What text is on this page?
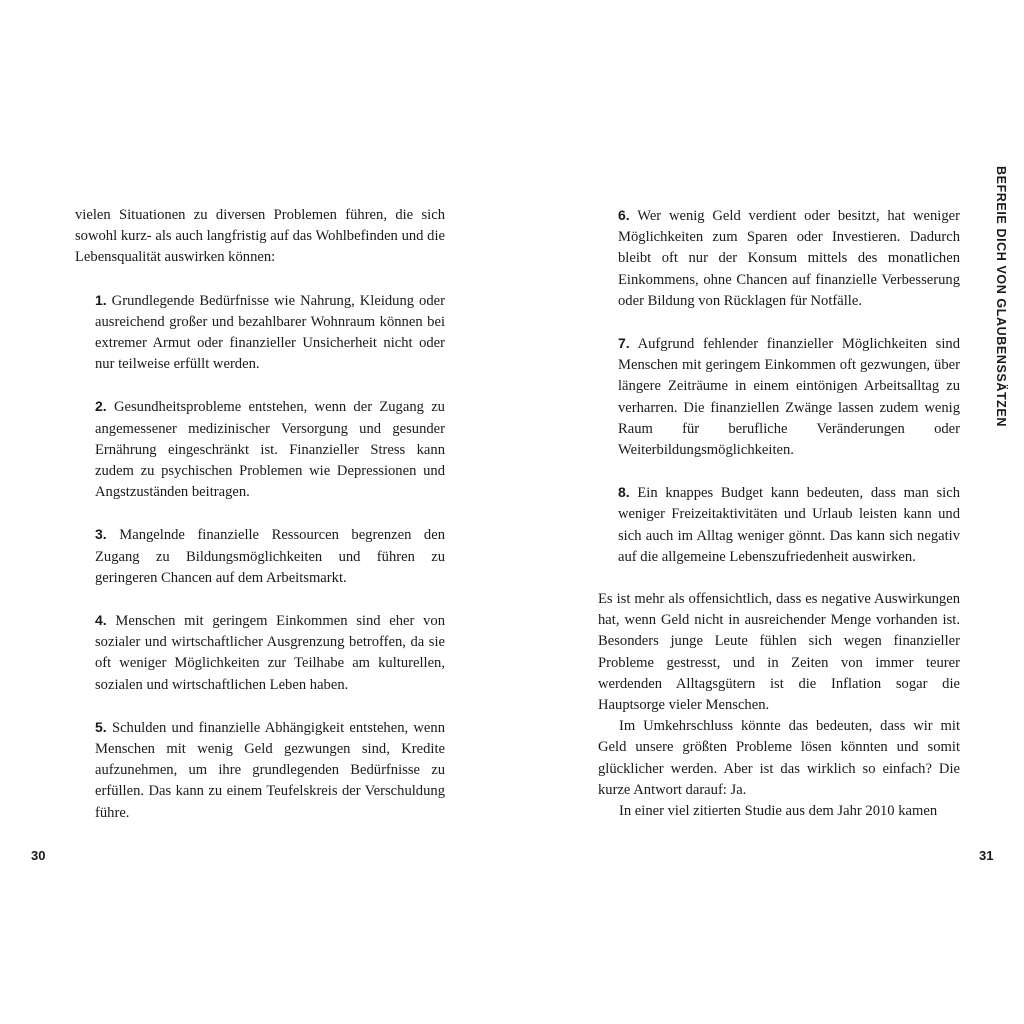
vielen Situationen zu diversen Problemen führen, die sich sowohl kurz- als auch langfristig auf das Wohlbefinden und die Lebensqualität auswirken können:

1. Grundlegende Bedürfnisse wie Nahrung, Kleidung oder ausreichend großer und bezahlbarer Wohnraum können bei extremer Armut oder finanzieller Unsicherheit nicht oder nur teilweise erfüllt werden.

2. Gesundheitsprobleme entstehen, wenn der Zugang zu angemessener medizinischer Versorgung und gesunder Ernährung eingeschränkt ist. Finanzieller Stress kann zudem zu psychischen Problemen wie Depressionen und Angstzuständen beitragen.

3. Mangelnde finanzielle Ressourcen begrenzen den Zugang zu Bildungsmöglichkeiten und führen zu geringeren Chancen auf dem Arbeitsmarkt.

4. Menschen mit geringem Einkommen sind eher von sozialer und wirtschaftlicher Ausgrenzung betroffen, da sie oft weniger Möglichkeiten zur Teilhabe am kulturellen, sozialen und wirtschaftlichen Leben haben.

5. Schulden und finanzielle Abhängigkeit entstehen, wenn Menschen mit wenig Geld gezwungen sind, Kredite aufzunehmen, um ihre grundlegenden Bedürfnisse zu erfüllen. Das kann zu einem Teufelskreis der Verschuldung führe.

30

6. Wer wenig Geld verdient oder besitzt, hat weniger Möglichkeiten zum Sparen oder Investieren. Dadurch bleibt oft nur der Konsum mittels des monatlichen Einkommens, ohne Chancen auf finanzielle Verbesserung oder Bildung von Rücklagen für Notfälle.

7. Aufgrund fehlender finanzieller Möglichkeiten sind Menschen mit geringem Einkommen oft gezwungen, über längere Zeiträume in einem eintönigen Arbeitsalltag zu verharren. Die finanziellen Zwänge lassen zudem wenig Raum für berufliche Veränderungen oder Weiterbildungsmöglichkeiten.

8. Ein knappes Budget kann bedeuten, dass man sich weniger Freizeitaktivitäten und Urlaub leisten kann und sich auch im Alltag weniger gönnt. Das kann sich negativ auf die allgemeine Lebenszufriedenheit auswirken.

Es ist mehr als offensichtlich, dass es negative Auswirkungen hat, wenn Geld nicht in ausreichender Menge vorhanden ist. Besonders junge Leute fühlen sich wegen finanzieller Probleme gestresst, und in Zeiten von immer teurer werdenden Alltagsgütern ist die Inflation sogar die Hauptsorge vieler Menschen.

Im Umkehrschluss könnte das bedeuten, dass wir mit Geld unsere größten Probleme lösen könnten und somit glücklicher werden. Aber ist das wirklich so einfach? Die kurze Antwort darauf: Ja.

In einer viel zitierten Studie aus dem Jahr 2010 kamen

BEFREIE DICH VON GLAUBENSSÄTZEN
31
